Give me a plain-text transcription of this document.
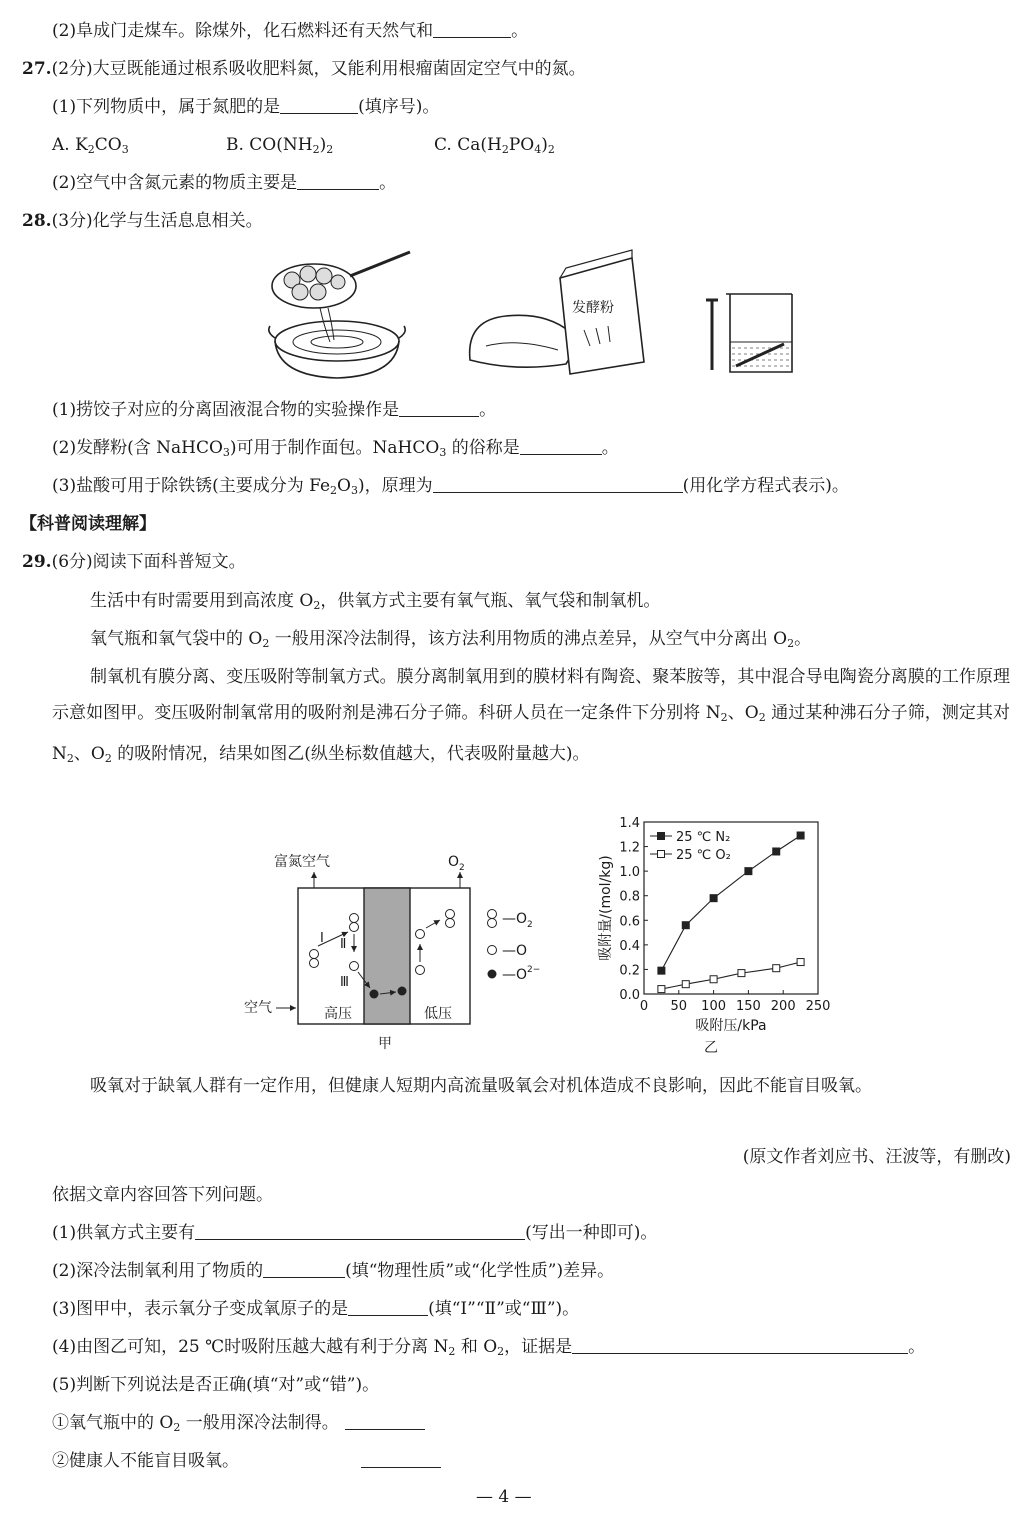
(2)阜成门走煤车。除煤外，化石燃料还有天然气和	。
27.(2分)大豆既能通过根系吸收肥料氮，又能利用根瘤菌固定空气中的氮。
(1)下列物质中，属于氮肥的是	(填序号)。
A. $K_2CO_3$	B. $CO(NH_2)_2$	C. $Ca(H_2PO_4)_2$
(2)空气中含氮元素的物质主要是	。
28.(3分)化学与生活息息相关。
发酵粉
(1)捞饺子对应的分离固液混合物的实验操作是	。
(2)发酵粉(含 NaHCO$_3$)可用于制作面包。NaHCO$_3$ 的俗称是	。
(3)盐酸可用于除铁锈(主要成分为 $Fe_2O_3$)，原理为	(用化学方程式表示)。
【科普阅读理解】
29.(6分)阅读下面科普短文。
生活中有时需要用到高浓度 $O_2$，供氧方式主要有氧气瓶、氧气袋和制氧机。
氧气瓶和氧气袋中的 $O_2$ 一般用深冷法制得，该方法利用物质的沸点差异，从空气中分离出 $O_2$。
制氧机有膜分离、变压吸附等制氧方式。膜分离制氧用到的膜材料有陶瓷、聚苯胺等，其中混合导电陶瓷分离膜的工作原理示意如图甲。变压吸附制氧常用的吸附剂是沸石分子筛。科研人员在一定条件下分别将 $N_2$、$O_2$ 通过某种沸石分子筛，测定其对 $N_2$、$O_2$ 的吸附情况，结果如图乙(纵坐标数值越大，代表吸附量越大)。
富氮空气	$O_2$
空气	高压	低压
Ⅰ Ⅱ
Ⅲ
$—O_2$
—O
$—O^{2-}$
甲
0.0
0.2
0.4
0.6
0.8
1.0
1.2
1.4
0 50 100 150 200 250
吸附量/(mol/kg)
吸附压/kPa
乙
25 ℃ N₂
25 ℃ O₂
吸氧对于缺氧人群有一定作用，但健康人短期内高流量吸氧会对机体造成不良影响，因此不能盲目吸氧。
(原文作者刘应书、汪波等，有删改)
依据文章内容回答下列问题。
(1)供氧方式主要有	(写出一种即可)。
(2)深冷法制氧利用了物质的	(填“物理性质”或“化学性质”)差异。
(3)图甲中，表示氧分子变成氧原子的是	(填“Ⅰ”“Ⅱ”或“Ⅲ”)。
(4)由图乙可知，25 ℃时吸附压越大越有利于分离 $N_2$ 和 $O_2$，证据是	。
(5)判断下列说法是否正确(填“对”或“错”)。
①氧气瓶中的 $O_2$ 一般用深冷法制得。
②健康人不能盲目吸氧。
— 4 —
